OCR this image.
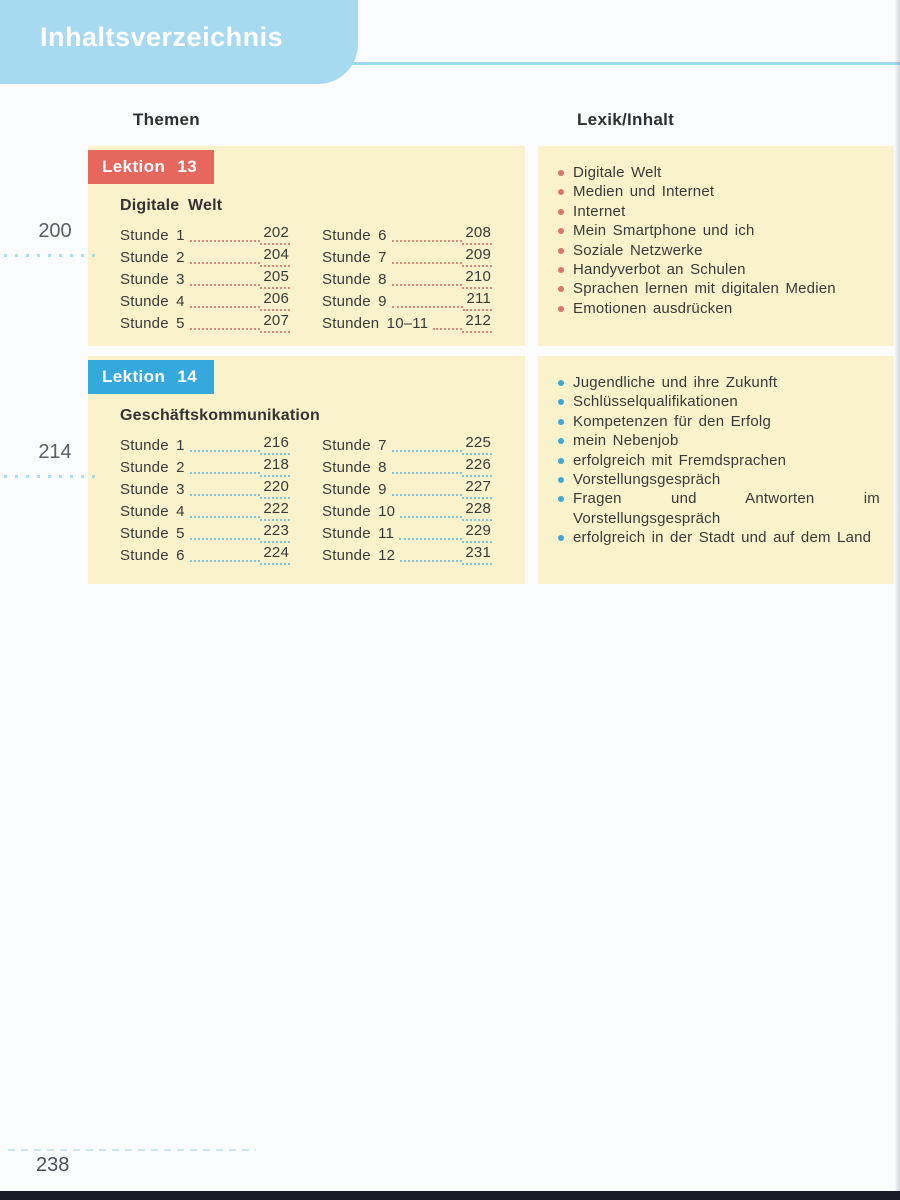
Inhaltsverzeichnis
Themen	Lexik/Inhalt
Lektion 13
Digitale Welt
Stunde 1	202
Stunde 2	204
Stunde 3	205
Stunde 4	206
Stunde 5	207
Stunde 6	208
Stunde 7	209
Stunde 8	210
Stunde 9	211
Stunden 10–11 212
Digitale Welt
Medien und Internet
Internet
Mein Smartphone und ich
Soziale Netzwerke
Handyverbot an Schulen
Sprachen lernen mit digitalen Medien
Emotionen ausdrücken
Lektion 14
Geschäftskommunikation
Stunde 1	216
Stunde 2	218
Stunde 3	220
Stunde 4	222
Stunde 5	223
Stunde 6	224
Stunde 7	225
Stunde 8	226
Stunde 9	227
Stunde 10	228
Stunde 11	229
Stunde 12	231
Jugendliche und ihre Zukunft
Schlüsselqualifikationen
Kompetenzen für den Erfolg
mein Nebenjob
erfolgreich mit Fremdsprachen
Vorstellungsgespräch
Fragen und Antworten im Vorstellungsgespräch
erfolgreich in der Stadt und auf dem Land
200
214
238
